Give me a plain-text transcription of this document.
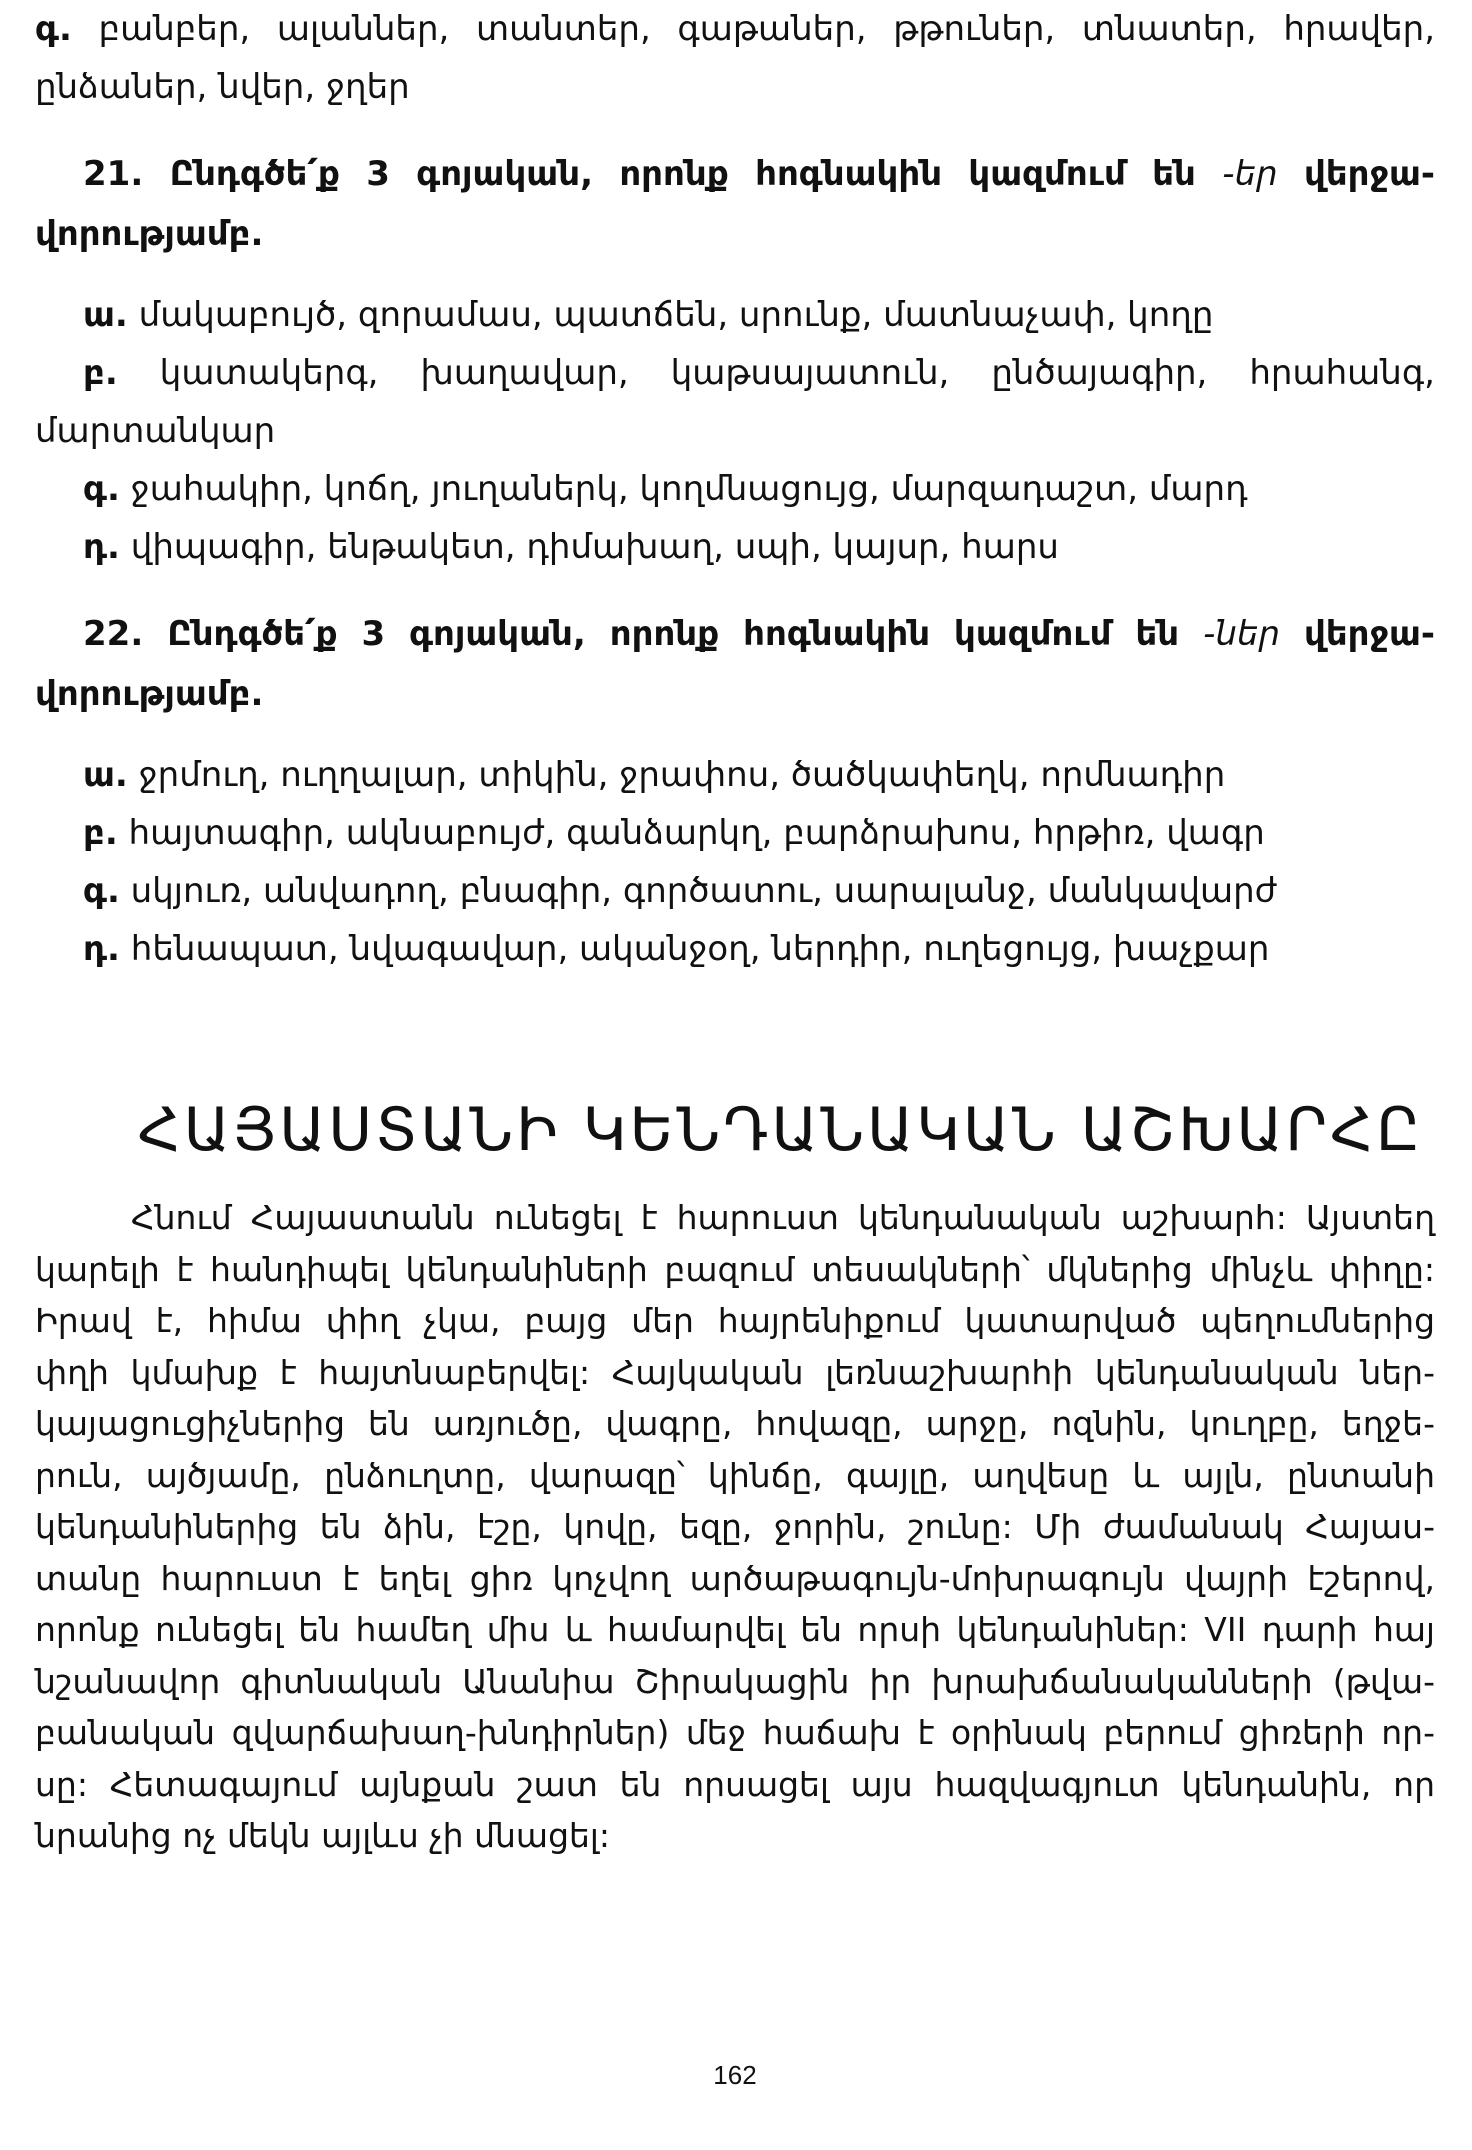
գ. բանբեր, ալաններ, տանտեր, գաթաներ, թթուներ, տնատեր, հրավեր,
ընձաներ, նվեր, ջղեր
21. Ընդգծե՛ք 3 գոյական, որոնք հոգնակին կազմում են -եր վերջա-
վորությամբ.
ա. մակաբույծ, զորամաս, պատճեն, սրունք, մատնաչափ, կողը
բ. կատակերգ, խաղավար, կաթսայատուն, ընծայագիր, հրահանգ,
մարտանկար
գ. ջահակիր, կոճղ, յուղաներկ, կողմնացույց, մարզադաշտ, մարդ
դ. վիպագիր, ենթակետ, դիմախաղ, սպի, կայսր, հարս
22. Ընդգծե՛ք 3 գոյական, որոնք հոգնակին կազմում են -ներ վերջա-
վորությամբ.
ա. ջրմուղ, ուղղալար, տիկին, ջրափոս, ծածկափեղկ, որմնադիր
բ. հայտագիր, ակնաբույժ, գանձարկղ, բարձրախոս, հրթիռ, վագր
գ. սկյուռ, անվադող, բնագիր, գործատու, սարալանջ, մանկավարժ
դ. հենապատ, նվագավար, ականջօղ, ներդիր, ուղեցույց, խաչքար
ՀԱՅԱՍՏԱՆԻ ԿԵՆԴԱՆԱԿԱՆ ԱՇԽԱՐՀԸ
Հնում Հայաստանն ունեցել է հարուստ կենդանական աշխարհ: Այստեղ
կարելի է հանդիպել կենդանիների բազում տեսակների՝ մկներից մինչև փիղը:
Իրավ է, հիմա փիղ չկա, բայց մեր հայրենիքում կատարված պեղումներից
փղի կմախք է հայտնաբերվել: Հայկական լեռնաշխարհի կենդանական ներ-
կայացուցիչներից են առյուծը, վագրը, հովազը, արջը, ոզնին, կուղբը, եղջե-
րուն, այծյամը, ընձուղտը, վարազը՝ կինճը, գայլը, աղվեսը և այլն, ընտանի
կենդանիներից են ձին, էշը, կովը, եզը, ջորին, շունը: Մի ժամանակ Հայաս-
տանը հարուստ է եղել ցիռ կոչվող արծաթագույն-մոխրագույն վայրի էշերով,
որոնք ունեցել են համեղ միս և համարվել են որսի կենդանիներ: VII դարի հայ
նշանավոր գիտնական Անանիա Շիրակացին իր խրախճանականների (թվա-
բանական զվարճախաղ-խնդիրներ) մեջ հաճախ է օրինակ բերում ցիռերի որ-
սը: Հետագայում այնքան շատ են որսացել այս հազվագյուտ կենդանին, որ
նրանից ոչ մեկն այլևս չի մնացել:
162
